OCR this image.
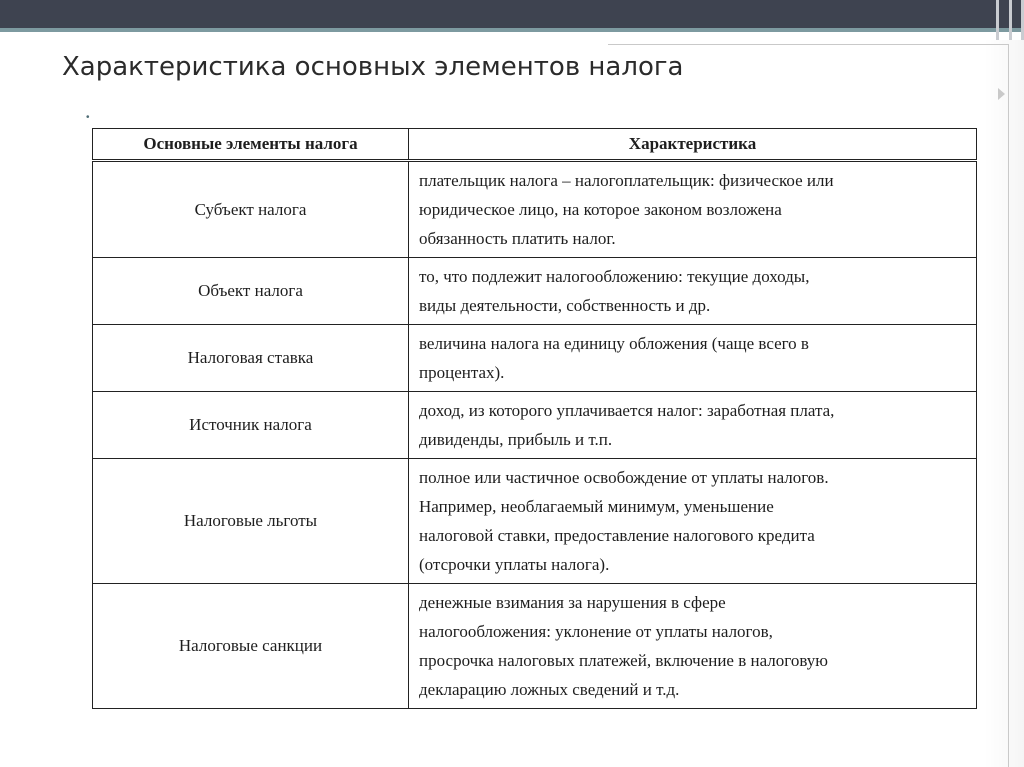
Характеристика основных элементов налога
•
Основные элементы налога	Характеристика
Субъект налога	плательщик налога – налогоплательщик: физическое или
юридическое лицо, на которое законом возложена
обязанность платить налог.

Объект налога	то, что подлежит налогообложению: текущие доходы,
виды деятельности, собственность и др.

Налоговая ставка	величина налога на единицу обложения (чаще всего в
процентах).

Источник налога	доход, из которого уплачивается налог: заработная плата,
дивиденды, прибыль и т.п.

Налоговые льготы	полное или частичное освобождение от уплаты налогов.
Например, необлагаемый минимум, уменьшение
налоговой ставки, предоставление налогового кредита
(отсрочки уплаты налога).

Налоговые санкции	денежные взимания за нарушения в сфере
налогообложения: уклонение от уплаты налогов,
просрочка налоговых платежей, включение в налоговую
декларацию ложных сведений и т.д.
